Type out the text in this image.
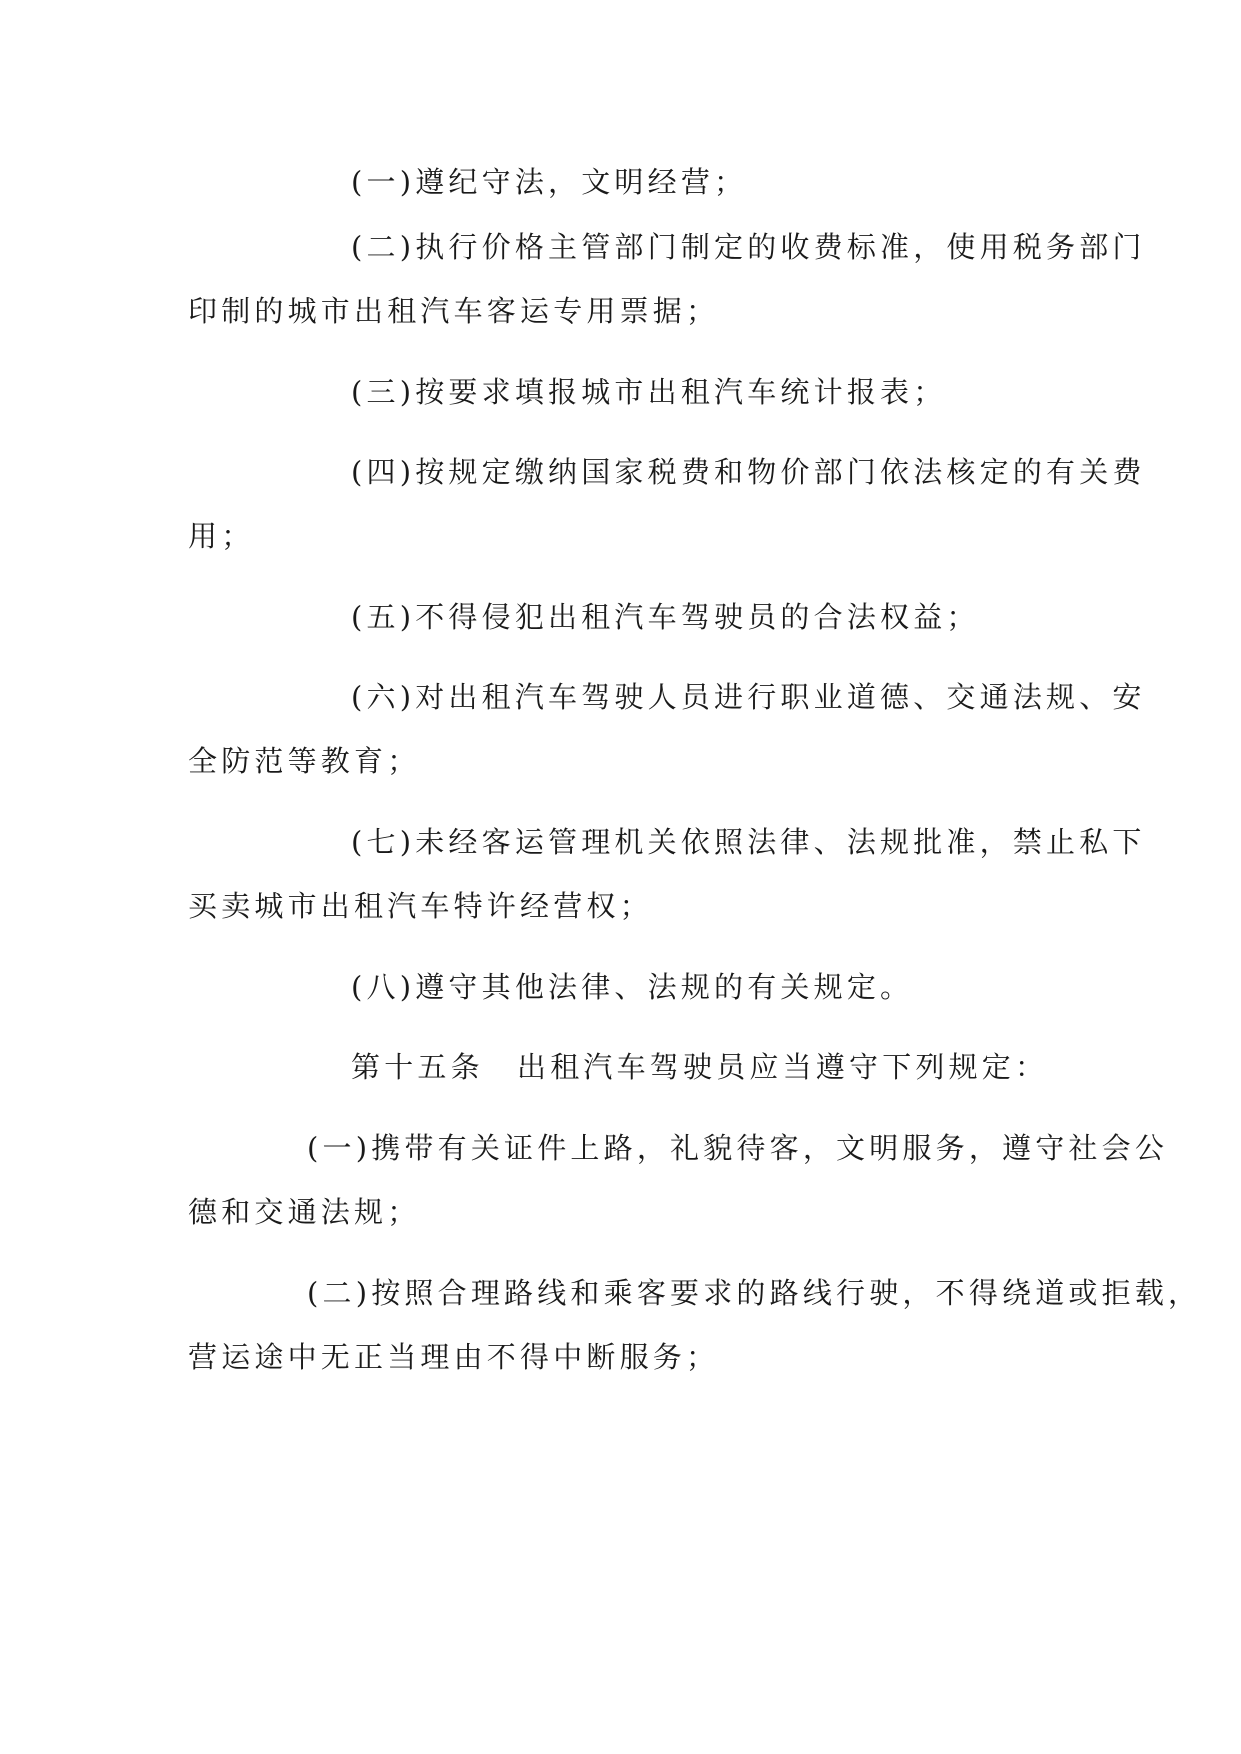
(一)遵纪守法，文明经营；
(二)执行价格主管部门制定的收费标准，使用税务部门
印制的城市出租汽车客运专用票据；
(三)按要求填报城市出租汽车统计报表；
(四)按规定缴纳国家税费和物价部门依法核定的有关费
用；
(五)不得侵犯出租汽车驾驶员的合法权益；
(六)对出租汽车驾驶人员进行职业道德、交通法规、安
全防范等教育；
(七)未经客运管理机关依照法律、法规批准，禁止私下
买卖城市出租汽车特许经营权；
(八)遵守其他法律、法规的有关规定。
第十五条　出租汽车驾驶员应当遵守下列规定：
(一)携带有关证件上路，礼貌待客，文明服务，遵守社会公
德和交通法规；
(二)按照合理路线和乘客要求的路线行驶，不得绕道或拒载，
营运途中无正当理由不得中断服务；
